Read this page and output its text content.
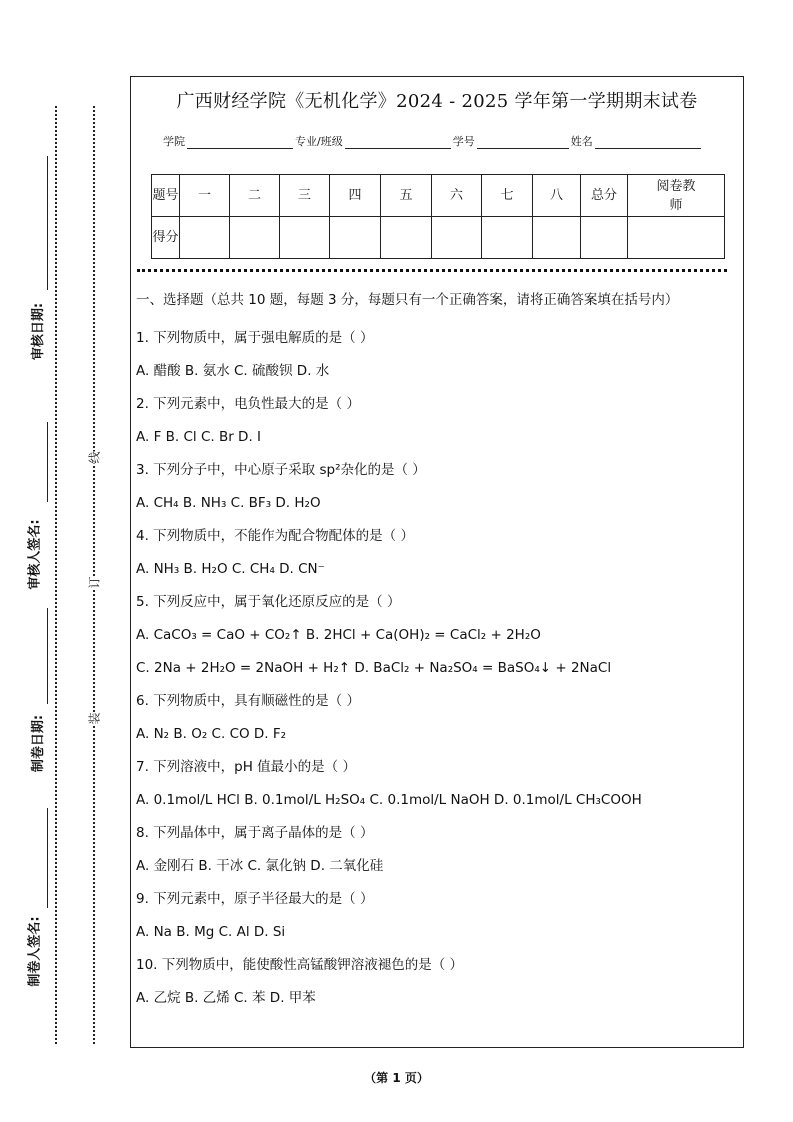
审核日期:
审核人签名:
制卷日期:
制卷人签名:
线
订
装
广西财经学院《无机化学》2024 - 2025 学年第一学期期末试卷
学院	专业/班级	学号	姓名
题号	一	二	三	四	五	六	七	八	总分	阅卷教师
得分										
一、选择题（总共 10 题，每题 3 分，每题只有一个正确答案，请将正确答案填在括号内）
1. 下列物质中，属于强电解质的是（ ）
A. 醋酸 B. 氨水 C. 硫酸钡 D. 水
2. 下列元素中，电负性最大的是（ ）
A. F B. Cl C. Br D. I
3. 下列分子中，中心原子采取 sp²杂化的是（ ）
A. CH₄ B. NH₃ C. BF₃ D. H₂O
4. 下列物质中，不能作为配合物配体的是（ ）
A. NH₃ B. H₂O C. CH₄ D. CN⁻
5. 下列反应中，属于氧化还原反应的是（ ）
A. CaCO₃ = CaO + CO₂↑ B. 2HCl + Ca(OH)₂ = CaCl₂ + 2H₂O
C. 2Na + 2H₂O = 2NaOH + H₂↑ D. BaCl₂ + Na₂SO₄ = BaSO₄↓ + 2NaCl
6. 下列物质中，具有顺磁性的是（ ）
A. N₂ B. O₂ C. CO D. F₂
7. 下列溶液中，pH 值最小的是（ ）
A. 0.1mol/L HCl B. 0.1mol/L H₂SO₄ C. 0.1mol/L NaOH D. 0.1mol/L CH₃COOH
8. 下列晶体中，属于离子晶体的是（ ）
A. 金刚石 B. 干冰 C. 氯化钠 D. 二氧化硅
9. 下列元素中，原子半径最大的是（ ）
A. Na B. Mg C. Al D. Si
10. 下列物质中，能使酸性高锰酸钾溶液褪色的是（ ）
A. 乙烷 B. 乙烯 C. 苯 D. 甲苯
（第 1 页）
